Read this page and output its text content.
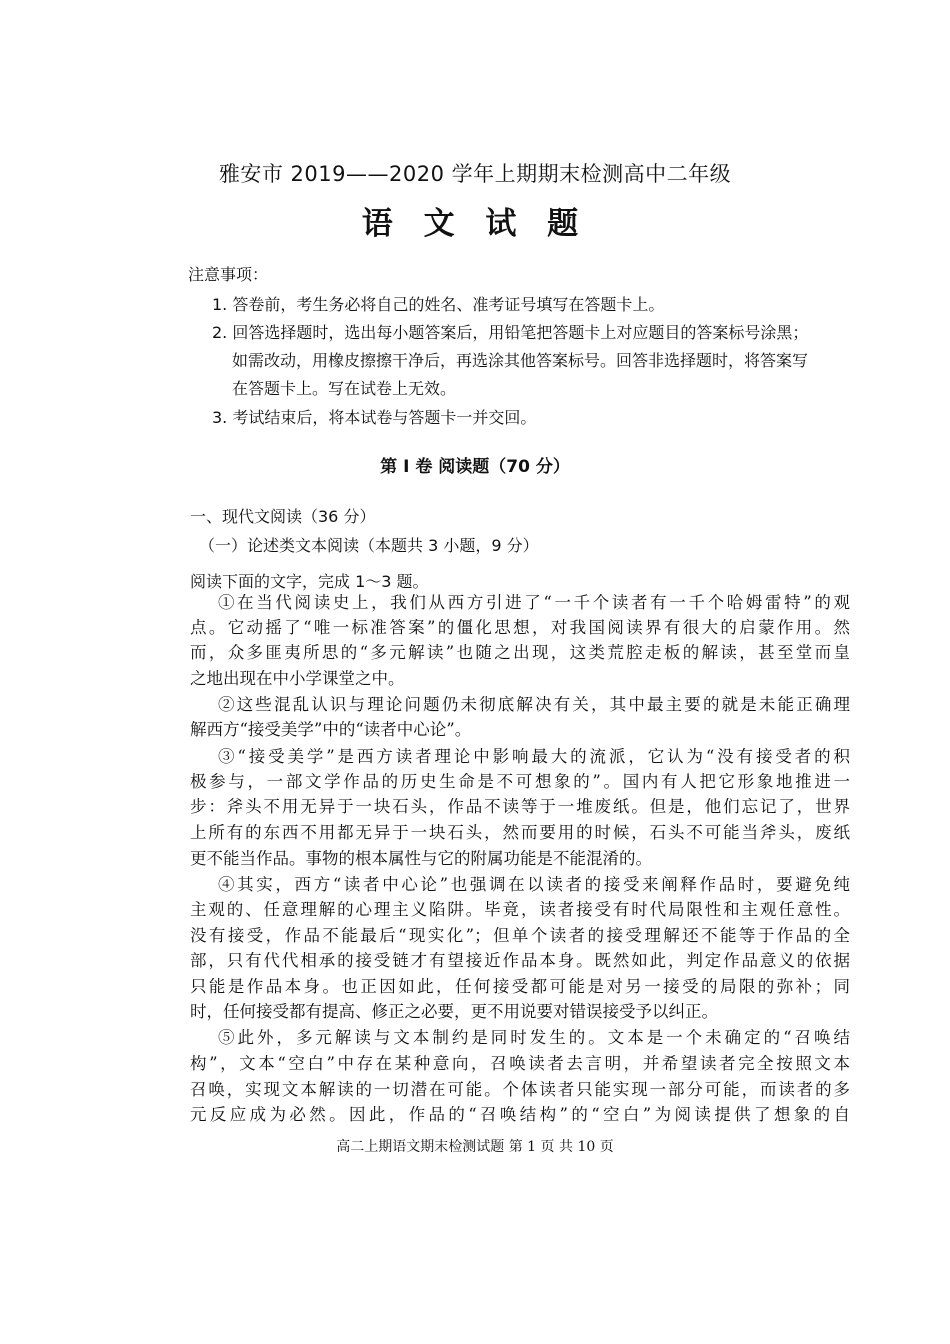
雅安市 2019——2020 学年上期期末检测高中二年级
语 文 试 题
注意事项：
1. 答卷前，考生务必将自己的姓名、准考证号填写在答题卡上。
2. 回答选择题时，选出每小题答案后，用铅笔把答题卡上对应题目的答案标号涂黑；
如需改动，用橡皮擦擦干净后，再选涂其他答案标号。回答非选择题时，将答案写
在答题卡上。写在试卷上无效。
3. 考试结束后，将本试卷与答题卡一并交回。
第 I 卷 阅读题（70 分）
一、现代文阅读（36 分）
（一）论述类文本阅读（本题共 3 小题，9 分）
阅读下面的文字，完成 1～3 题。
①在当代阅读史上，我们从西方引进了“一千个读者有一千个哈姆雷特”的观
点。它动摇了“唯一标准答案”的僵化思想，对我国阅读界有很大的启蒙作用。然
而，众多匪夷所思的“多元解读”也随之出现，这类荒腔走板的解读，甚至堂而皇
之地出现在中小学课堂之中。
②这些混乱认识与理论问题仍未彻底解决有关，其中最主要的就是未能正确理
解西方“接受美学”中的“读者中心论”。
③“接受美学”是西方读者理论中影响最大的流派，它认为“没有接受者的积
极参与，一部文学作品的历史生命是不可想象的”。国内有人把它形象地推进一
步：斧头不用无异于一块石头，作品不读等于一堆废纸。但是，他们忘记了，世界
上所有的东西不用都无异于一块石头，然而要用的时候，石头不可能当斧头，废纸
更不能当作品。事物的根本属性与它的附属功能是不能混淆的。
④其实，西方“读者中心论”也强调在以读者的接受来阐释作品时，要避免纯
主观的、任意理解的心理主义陷阱。毕竟，读者接受有时代局限性和主观任意性。
没有接受，作品不能最后“现实化”；但单个读者的接受理解还不能等于作品的全
部，只有代代相承的接受链才有望接近作品本身。既然如此，判定作品意义的依据
只能是作品本身。也正因如此，任何接受都可能是对另一接受的局限的弥补；同
时，任何接受都有提高、修正之必要，更不用说要对错误接受予以纠正。
⑤此外，多元解读与文本制约是同时发生的。文本是一个未确定的“召唤结
构”，文本“空白”中存在某种意向，召唤读者去言明，并希望读者完全按照文本
召唤，实现文本解读的一切潜在可能。个体读者只能实现一部分可能，而读者的多
元反应成为必然。因此，作品的“召唤结构”的“空白”为阅读提供了想象的自
高二上期语文期末检测试题 第 1 页 共 10 页
